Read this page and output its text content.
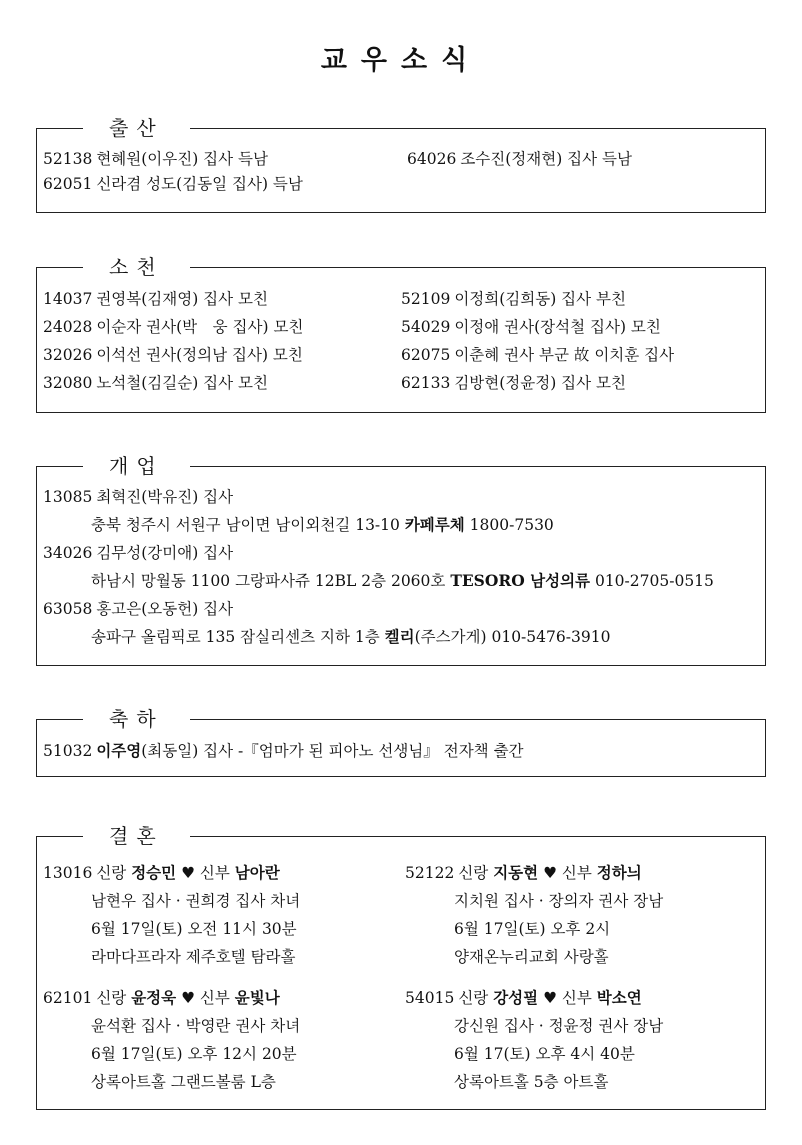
교우소식
출산
52138 현혜원(이우진) 집사 득남	64026 조수진(정재현) 집사 득남
62051 신라겸 성도(김동일 집사) 득남
소천
14037 권영복(김재영) 집사 모친	52109 이정희(김희동) 집사 부친
24028 이순자 권사(박　웅 집사) 모친	54029 이정애 권사(장석철 집사) 모친
32026 이석선 권사(정의남 집사) 모친	62075 이춘혜 권사 부군 故 이치훈 집사
32080 노석철(김길순) 집사 모친	62133 김방현(정윤정) 집사 모친
개업
13085 최혁진(박유진) 집사
충북 청주시 서원구 남이면 남이외천길 13-10 카페루체 1800-7530
34026 김무성(강미애) 집사
하남시 망월동 1100 그랑파사쥬 12BL 2층 2060호 TESORO 남성의류 010-2705-0515
63058 홍고은(오동헌) 집사
송파구 올림픽로 135 잠실리센츠 지하 1층 켈리(주스가게) 010-5476-3910
축하
51032 이주영(최동일) 집사 -『엄마가 된 피아노 선생님』 전자책 출간
결혼
13016 신랑 정승민 ♥ 신부 남아란
남현우 집사 · 권희경 집사 차녀
6월 17일(토) 오전 11시 30분
라마다프라자 제주호텔 탐라홀
52122 신랑 지동현 ♥ 신부 정하늬
지치원 집사 · 장의자 권사 장남
6월 17일(토) 오후 2시
양재온누리교회 사랑홀
62101 신랑 윤정욱 ♥ 신부 윤빛나
윤석환 집사 · 박영란 권사 차녀
6월 17일(토) 오후 12시 20분
상록아트홀 그랜드볼룸 L층
54015 신랑 강성필 ♥ 신부 박소연
강신원 집사 · 정윤정 권사 장남
6월 17(토) 오후 4시 40분
상록아트홀 5층 아트홀
